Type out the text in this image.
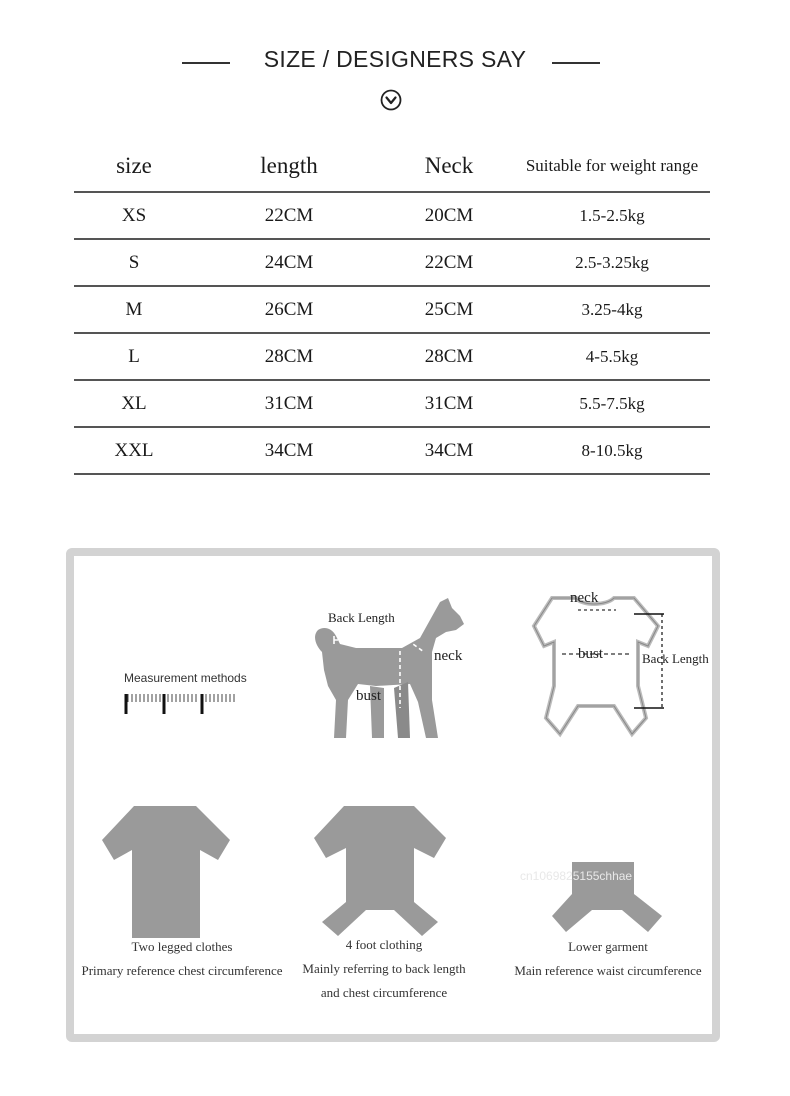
SIZE / DESIGNERS SAY
size	length	Neck	Suitable for weight range
XS	22CM	20CM	1.5-2.5kg
S	24CM	22CM	2.5-3.25kg
M	26CM	25CM	3.25-4kg
L	28CM	28CM	4-5.5kg
XL	31CM	31CM	5.5-7.5kg
XXL	34CM	34CM	8-10.5kg
Measurement methods
Back Length
neck
bust
neck
bust	Back Length
Two legged clothes
Primary reference chest circumference
4 foot clothing
Mainly referring to back length
and chest circumference
cn1069825155chhae
Lower garment
Main reference waist circumference
